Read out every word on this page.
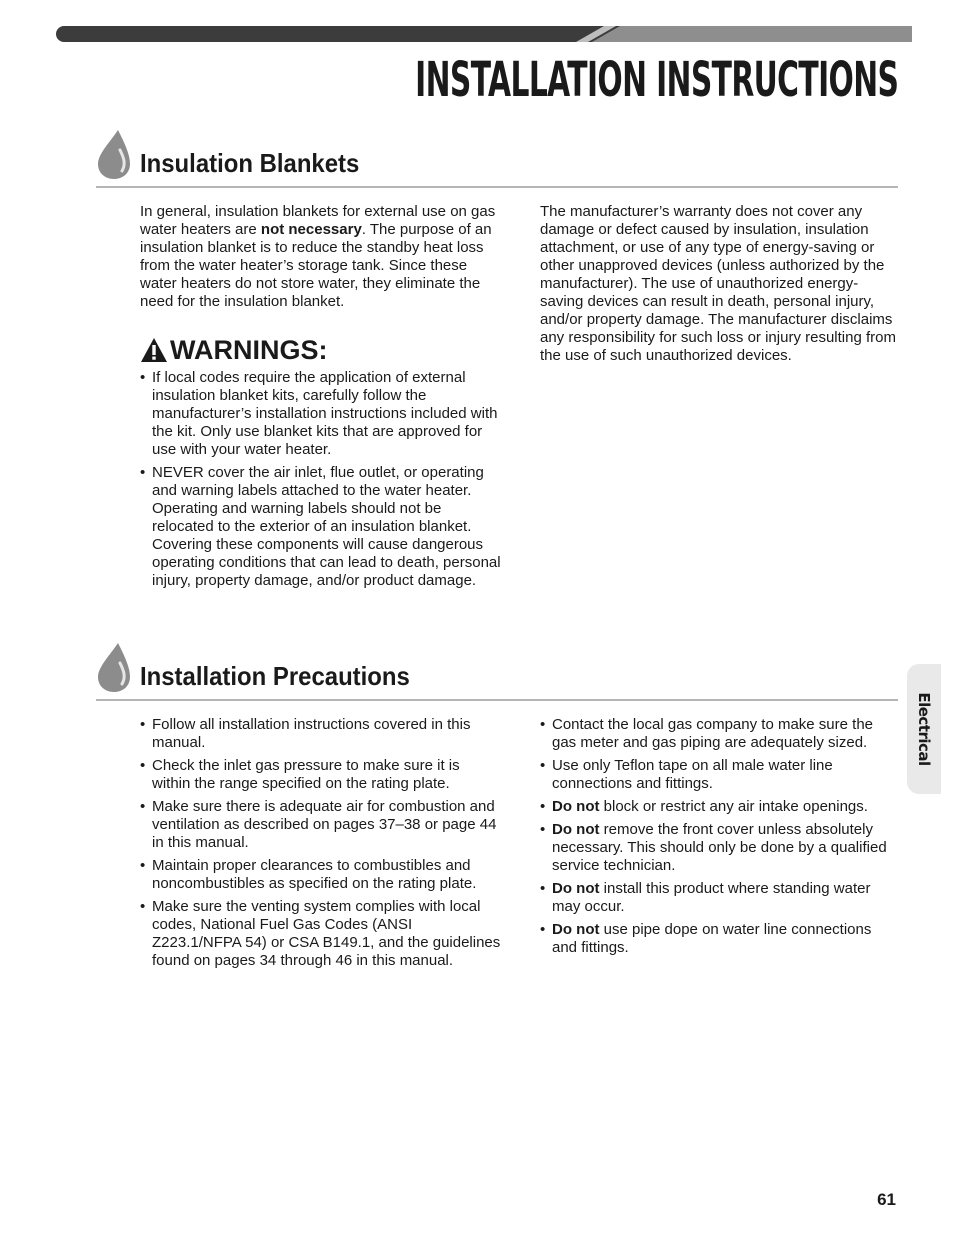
INSTALLATION INSTRUCTIONS
Insulation Blankets

In general, insulation blankets for external use on gas water heaters are not necessary. The purpose of an insulation blanket is to reduce the standby heat loss from the water heater’s storage tank. Since these water heaters do not store water, they eliminate the need for the insulation blanket.

WARNINGS:
• If local codes require the application of external insulation blanket kits, carefully follow the manufacturer’s installation instructions included with the kit. Only use blanket kits that are approved for use with your water heater.
• NEVER cover the air inlet, flue outlet, or operating and warning labels attached to the water heater. Operating and warning labels should not be relocated to the exterior of an insulation blanket. Covering these components will cause dangerous operating conditions that can lead to death, personal injury, property damage, and/or product damage.

The manufacturer’s warranty does not cover any damage or defect caused by insulation, insulation attachment, or use of any type of energy-saving or other unapproved devices (unless authorized by the manufacturer). The use of unauthorized energy-saving devices can result in death, personal injury, and/or property damage. The manufacturer disclaims any responsibility for such loss or injury resulting from the use of such unauthorized devices.

Installation Precautions
• Follow all installation instructions covered in this manual.
• Check the inlet gas pressure to make sure it is within the range specified on the rating plate.
• Make sure there is adequate air for combustion and ventilation as described on pages 37–38 or page 44 in this manual.
• Maintain proper clearances to combustibles and noncombustibles as specified on the rating plate.
• Make sure the venting system complies with local codes, National Fuel Gas Codes (ANSI Z223.1/NFPA 54) or CSA B149.1, and the guidelines found on pages 34 through 46 in this manual.
• Contact the local gas company to make sure the gas meter and gas piping are adequately sized.
• Use only Teflon tape on all male water line connections and fittings.
• Do not block or restrict any air intake openings.
• Do not remove the front cover unless absolutely necessary. This should only be done by a qualified service technician.
• Do not install this product where standing water may occur.
• Do not use pipe dope on water line connections and fittings.
Electrical
61
